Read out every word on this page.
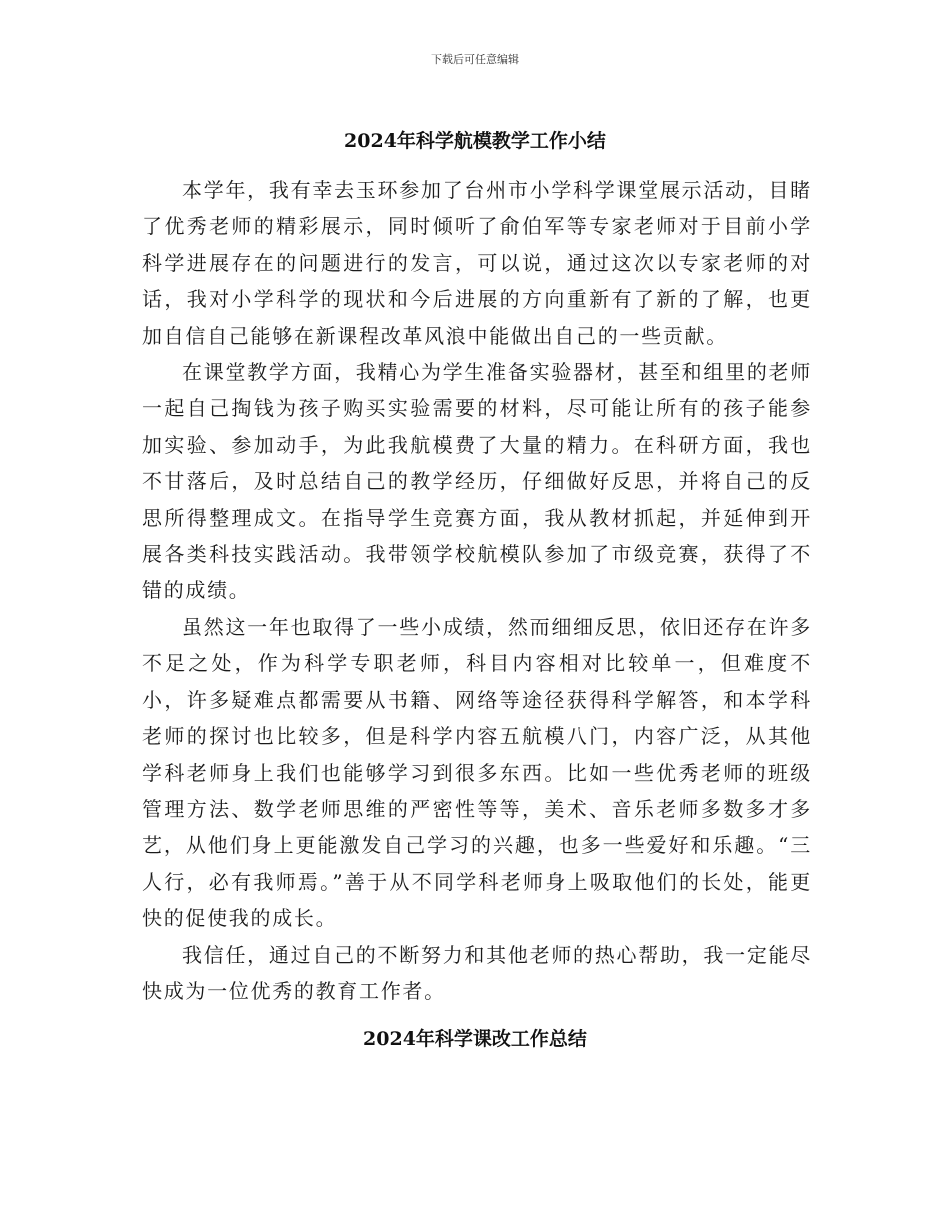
下载后可任意编辑
2024年科学航模教学工作小结

本学年，我有幸去玉环参加了台州市小学科学课堂展示活动，目睹了优秀老师的精彩展示，同时倾听了俞伯军等专家老师对于目前小学科学进展存在的问题进行的发言，可以说，通过这次以专家老师的对话，我对小学科学的现状和今后进展的方向重新有了新的了解，也更加自信自己能够在新课程改革风浪中能做出自己的一些贡献。

在课堂教学方面，我精心为学生准备实验器材，甚至和组里的老师一起自己掏钱为孩子购买实验需要的材料，尽可能让所有的孩子能参加实验、参加动手，为此我航模费了大量的精力。在科研方面，我也不甘落后，及时总结自己的教学经历，仔细做好反思，并将自己的反思所得整理成文。在指导学生竞赛方面，我从教材抓起，并延伸到开展各类科技实践活动。我带领学校航模队参加了市级竞赛，获得了不错的成绩。

虽然这一年也取得了一些小成绩，然而细细反思，依旧还存在许多不足之处，作为科学专职老师，科目内容相对比较单一，但难度不小，许多疑难点都需要从书籍、网络等途径获得科学解答，和本学科老师的探讨也比较多，但是科学内容五航模八门，内容广泛，从其他学科老师身上我们也能够学习到很多东西。比如一些优秀老师的班级管理方法、数学老师思维的严密性等等，美术、音乐老师多数多才多艺，从他们身上更能激发自己学习的兴趣，也多一些爱好和乐趣。“三人行，必有我师焉。”善于从不同学科老师身上吸取他们的长处，能更快的促使我的成长。

我信任，通过自己的不断努力和其他老师的热心帮助，我一定能尽快成为一位优秀的教育工作者。

2024年科学课改工作总结
